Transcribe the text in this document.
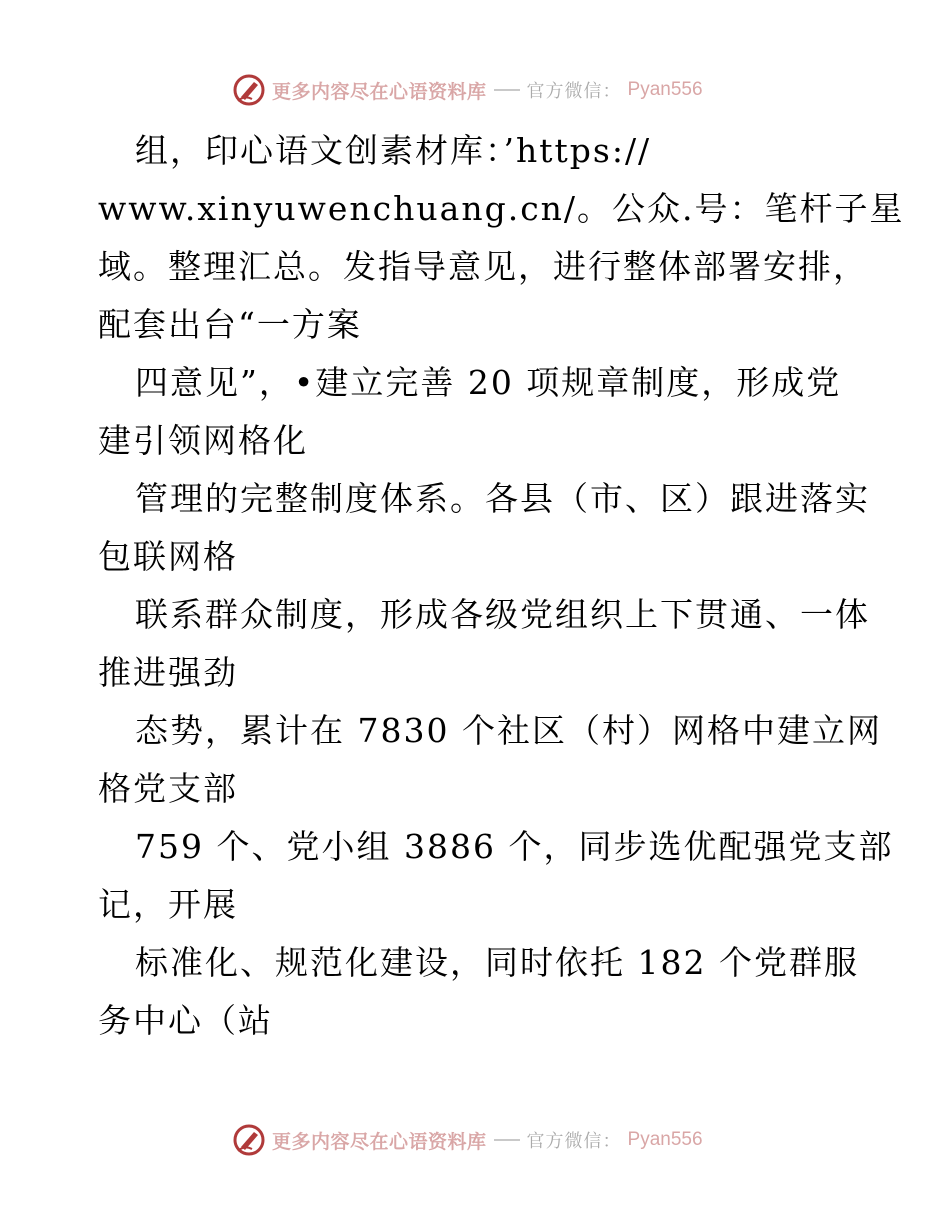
更多内容尽在心语资料库 官方微信： Pyan556
组，印心语文创素材库：’https://
www.xinyuwenchuang.cn/。公众.号：笔杆子星
域。整理汇总。发指导意见，进行整体部署安排，
配套出台“一方案
四意见”，•建立完善 20 项规章制度，形成党
建引领网格化
管理的完整制度体系。各县（市、区）跟进落实
包联网格
联系群众制度，形成各级党组织上下贯通、一体
推进强劲
态势，累计在 7830 个社区（村）网格中建立网
格党支部
759 个、党小组 3886 个，同步选优配强党支部
记，开展
标准化、规范化建设，同时依托 182 个党群服
务中心（站
更多内容尽在心语资料库 官方微信： Pyan556
